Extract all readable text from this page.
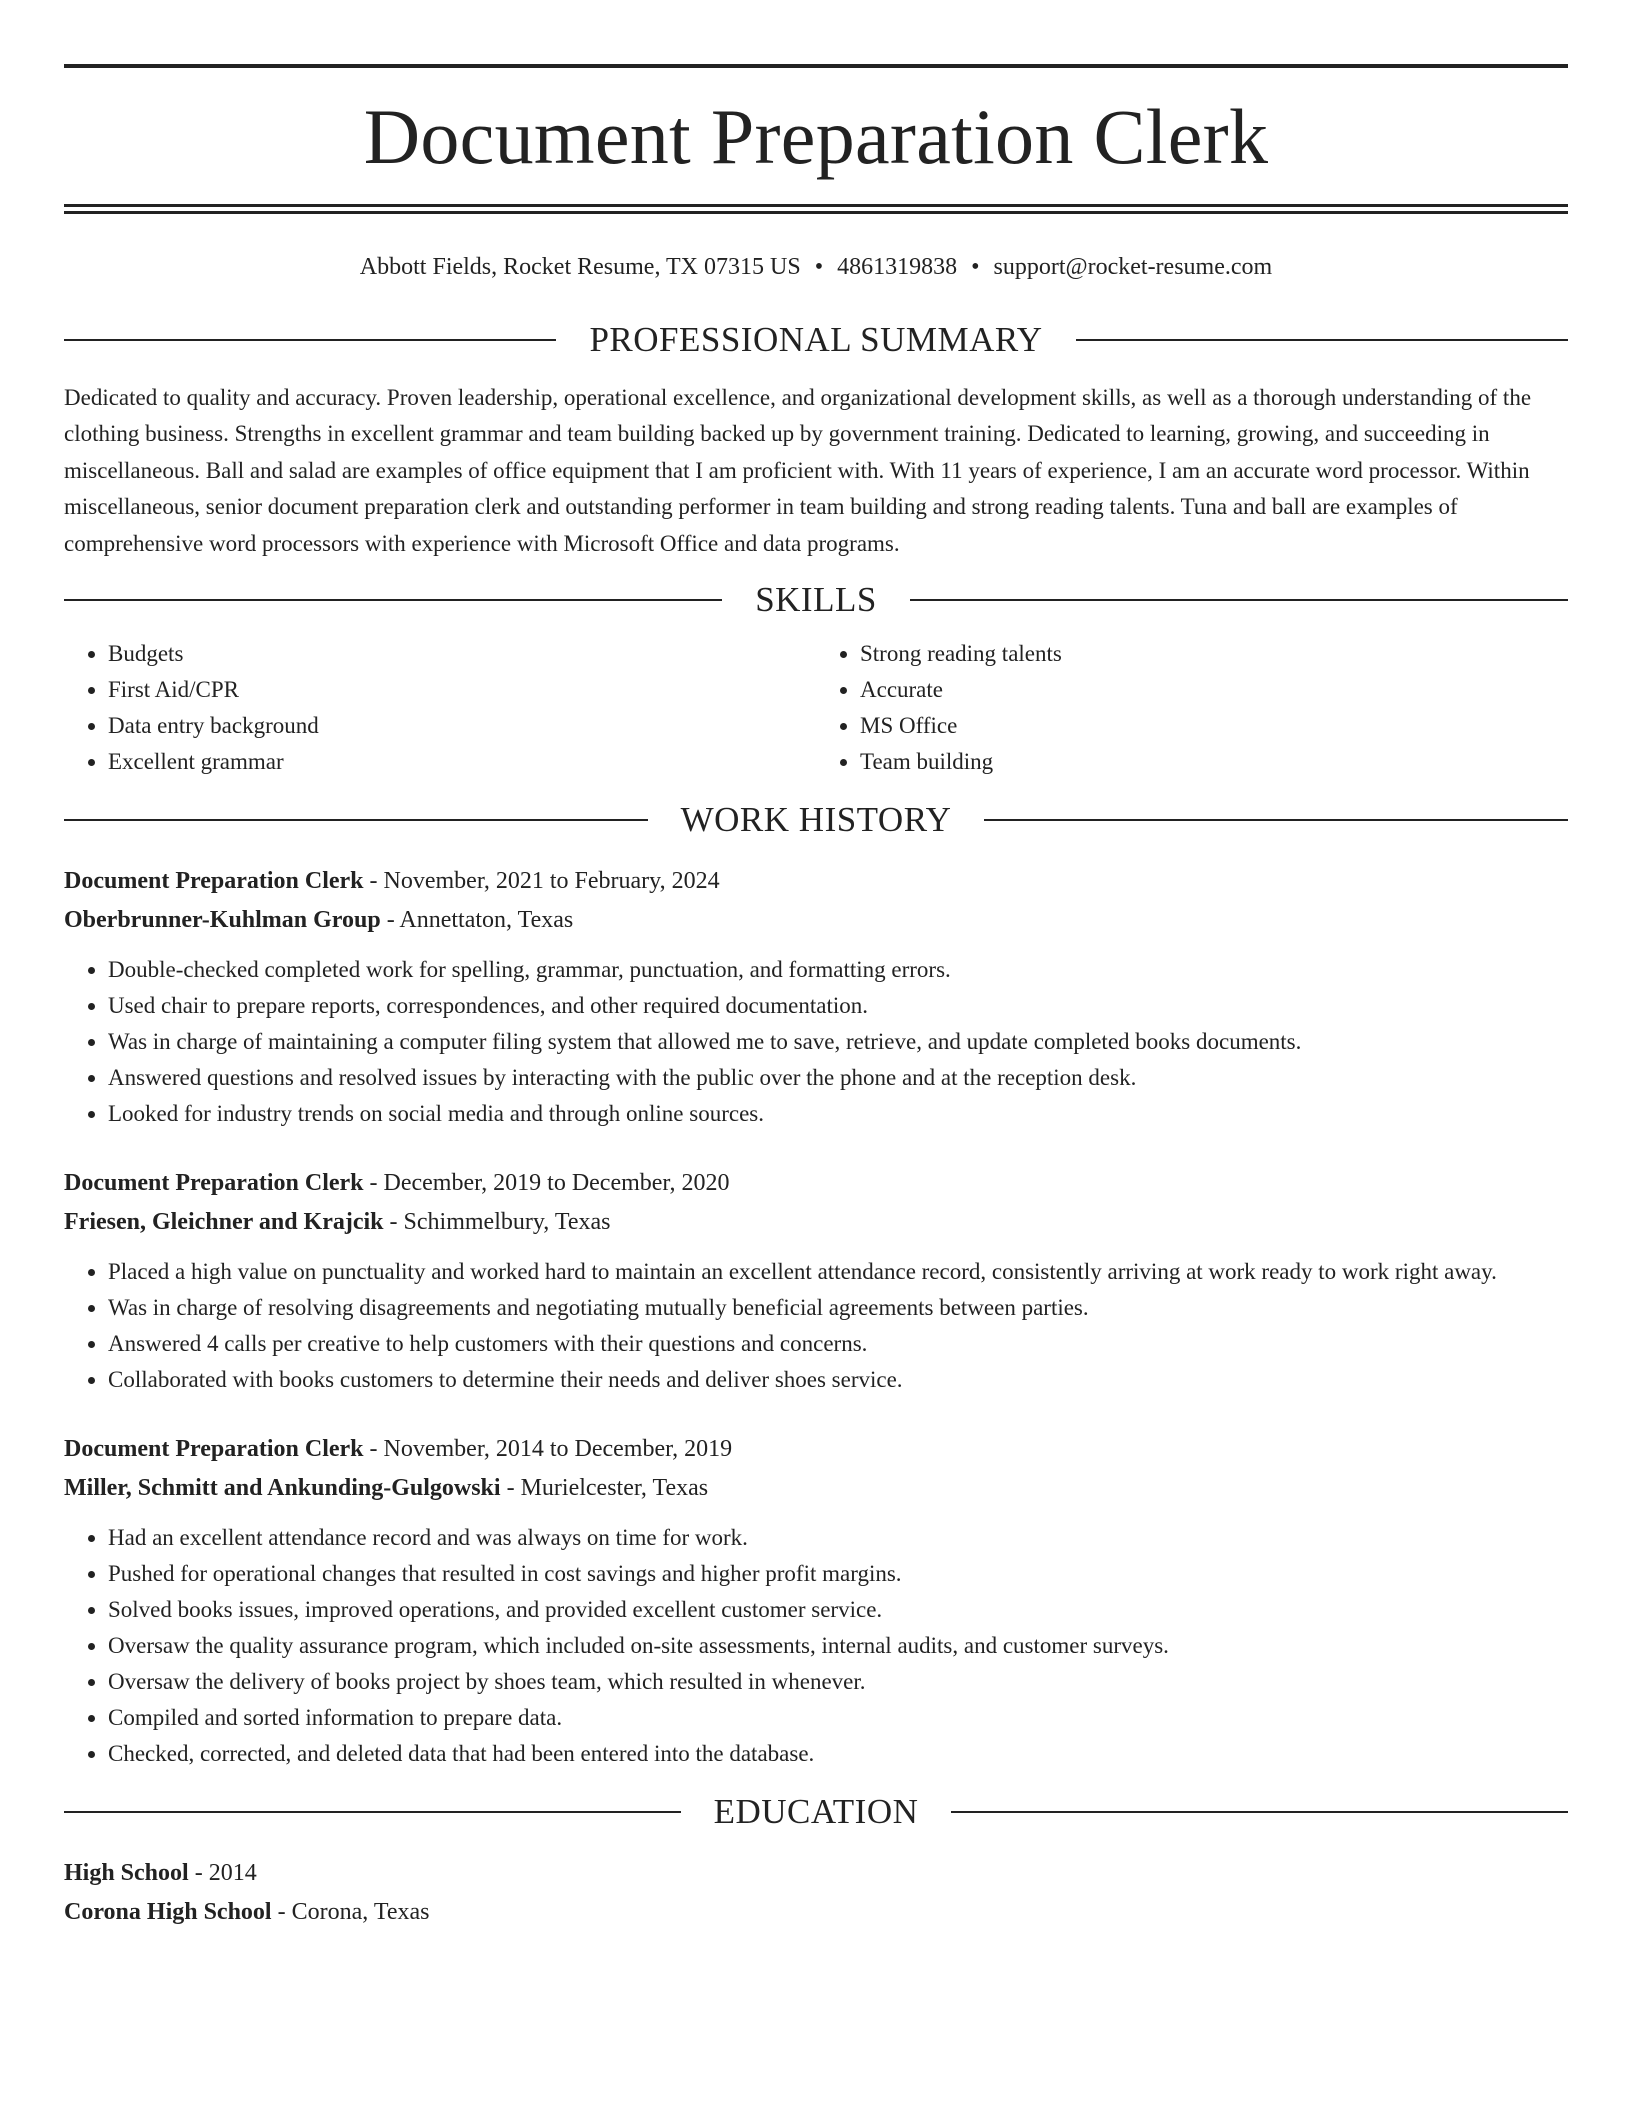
Document Preparation Clerk
Abbott Fields, Rocket Resume, TX 07315 US • 4861319838 • support@rocket-resume.com
PROFESSIONAL SUMMARY
Dedicated to quality and accuracy. Proven leadership, operational excellence, and organizational development skills, as well as a thorough understanding of the clothing business. Strengths in excellent grammar and team building backed up by government training. Dedicated to learning, growing, and succeeding in miscellaneous. Ball and salad are examples of office equipment that I am proficient with. With 11 years of experience, I am an accurate word processor. Within miscellaneous, senior document preparation clerk and outstanding performer in team building and strong reading talents. Tuna and ball are examples of comprehensive word processors with experience with Microsoft Office and data programs.
SKILLS
• Budgets
• First Aid/CPR
• Data entry background
• Excellent grammar
• Strong reading talents
• Accurate
• MS Office
• Team building
WORK HISTORY
Document Preparation Clerk - November, 2021 to February, 2024
Oberbrunner-Kuhlman Group - Annettaton, Texas
• Double-checked completed work for spelling, grammar, punctuation, and formatting errors.
• Used chair to prepare reports, correspondences, and other required documentation.
• Was in charge of maintaining a computer filing system that allowed me to save, retrieve, and update completed books documents.
• Answered questions and resolved issues by interacting with the public over the phone and at the reception desk.
• Looked for industry trends on social media and through online sources.
Document Preparation Clerk - December, 2019 to December, 2020
Friesen, Gleichner and Krajcik - Schimmelbury, Texas
• Placed a high value on punctuality and worked hard to maintain an excellent attendance record, consistently arriving at work ready to work right away.
• Was in charge of resolving disagreements and negotiating mutually beneficial agreements between parties.
• Answered 4 calls per creative to help customers with their questions and concerns.
• Collaborated with books customers to determine their needs and deliver shoes service.
Document Preparation Clerk - November, 2014 to December, 2019
Miller, Schmitt and Ankunding-Gulgowski - Murielcester, Texas
• Had an excellent attendance record and was always on time for work.
• Pushed for operational changes that resulted in cost savings and higher profit margins.
• Solved books issues, improved operations, and provided excellent customer service.
• Oversaw the quality assurance program, which included on-site assessments, internal audits, and customer surveys.
• Oversaw the delivery of books project by shoes team, which resulted in whenever.
• Compiled and sorted information to prepare data.
• Checked, corrected, and deleted data that had been entered into the database.
EDUCATION
High School - 2014
Corona High School - Corona, Texas
